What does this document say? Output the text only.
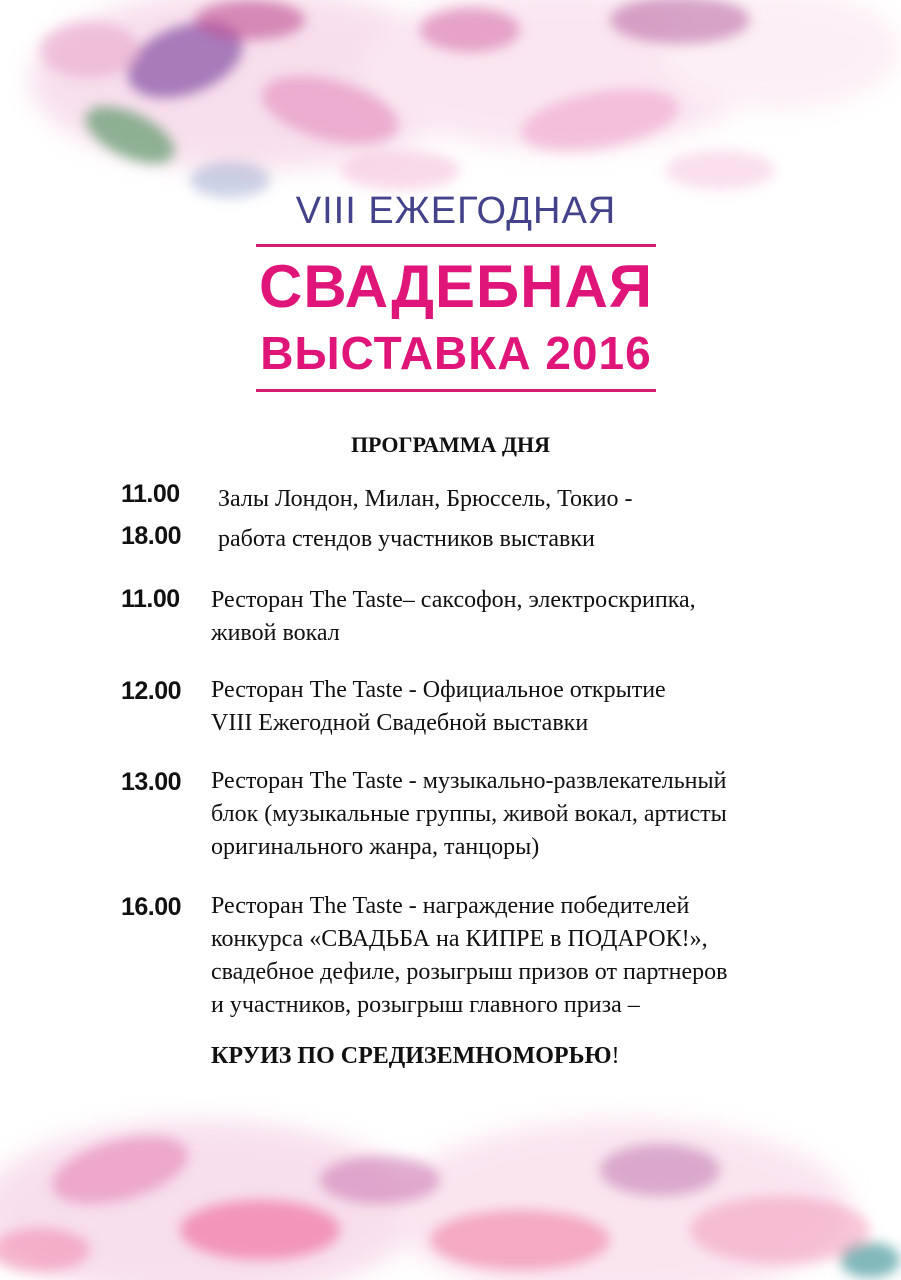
VIII ЕЖЕГОДНАЯ
СВАДЕБНАЯ
ВЫСТАВКА 2016
ПРОГРАММА ДНЯ
11.00	Залы Лондон, Милан, Брюссель, Токио -
18.00	работа стендов участников выставки
11.00	Ресторан The Taste– саксофон, электроскрипка,
живой вокал
12.00	Ресторан The Taste - Официальное открытие
VIII Ежегодной Свадебной выставки
13.00	Ресторан The Taste - музыкально-развлекательный
блок (музыкальные группы, живой вокал, артисты
оригинального жанра, танцоры)
16.00	Ресторан The Taste - награждение победителей
конкурса «СВАДЬБА на КИПРЕ в ПОДАРОК!»,
свадебное дефиле, розыгрыш призов от партнеров
и участников, розыгрыш главного приза –
КРУИЗ ПО СРЕДИЗЕМНОМОРЬЮ!
